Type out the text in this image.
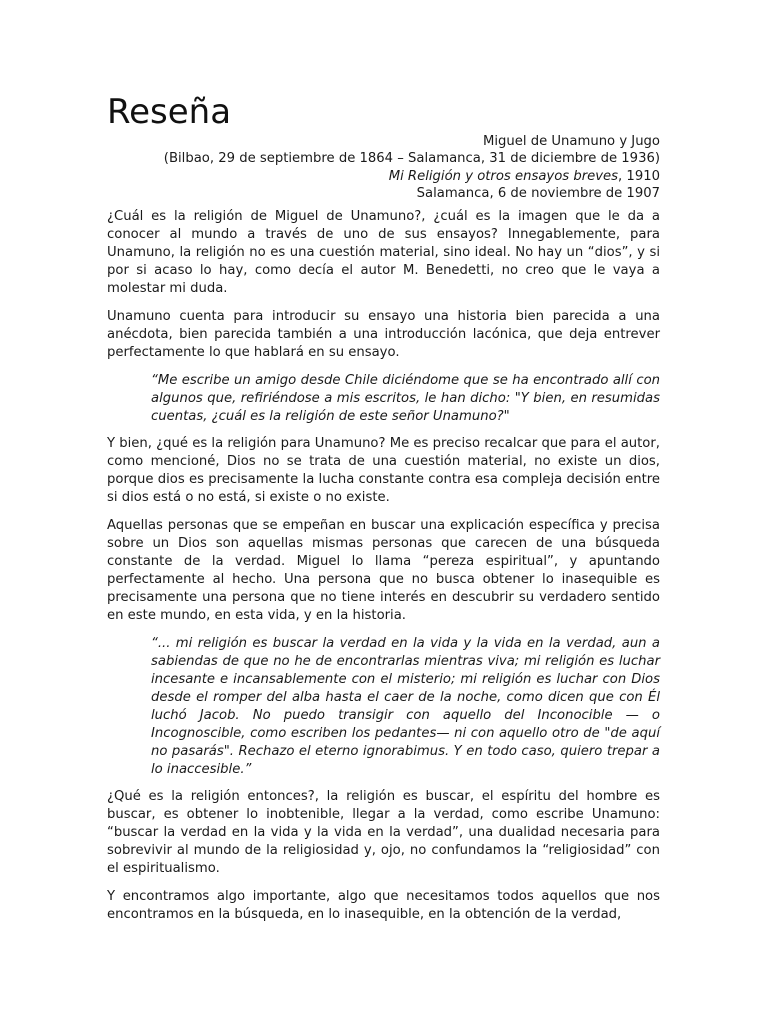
Reseña
Miguel de Unamuno y Jugo
(Bilbao, 29 de septiembre de 1864 – Salamanca, 31 de diciembre de 1936)
Mi Religión y otros ensayos breves, 1910
Salamanca, 6 de noviembre de 1907

¿Cuál es la religión de Miguel de Unamuno?, ¿cuál es la imagen que le da a conocer al mundo a través de uno de sus ensayos? Innegablemente, para Unamuno, la religión no es una cuestión material, sino ideal. No hay un “dios”, y si por si acaso lo hay, como decía el autor M. Benedetti, no creo que le vaya a molestar mi duda.

Unamuno cuenta para introducir su ensayo una historia bien parecida a una anécdota, bien parecida también a una introducción lacónica, que deja entrever perfectamente lo que hablará en su ensayo.

“Me escribe un amigo desde Chile diciéndome que se ha encontrado allí con algunos que, refiriéndose a mis escritos, le han dicho: "Y bien, en resumidas cuentas, ¿cuál es la religión de este señor Unamuno?"

Y bien, ¿qué es la religión para Unamuno? Me es preciso recalcar que para el autor, como mencioné, Dios no se trata de una cuestión material, no existe un dios, porque dios es precisamente la lucha constante contra esa compleja decisión entre si dios está o no está, si existe o no existe.

Aquellas personas que se empeñan en buscar una explicación específica y precisa sobre un Dios son aquellas mismas personas que carecen de una búsqueda constante de la verdad. Miguel lo llama “pereza espiritual”, y apuntando perfectamente al hecho. Una persona que no busca obtener lo inasequible es precisamente una persona que no tiene interés en descubrir su verdadero sentido en este mundo, en esta vida, y en la historia.

“... mi religión es buscar la verdad en la vida y la vida en la verdad, aun a sabiendas de que no he de encontrarlas mientras viva; mi religión es luchar incesante e incansablemente con el misterio; mi religión es luchar con Dios desde el romper del alba hasta el caer de la noche, como dicen que con Él luchó Jacob. No puedo transigir con aquello del Inconocible — o Incognoscible, como escriben los pedantes— ni con aquello otro de "de aquí no pasarás". Rechazo el eterno ignorabimus. Y en todo caso, quiero trepar a lo inaccesible.”

¿Qué es la religión entonces?, la religión es buscar, el espíritu del hombre es buscar, es obtener lo inobtenible, llegar a la verdad, como escribe Unamuno: “buscar la verdad en la vida y la vida en la verdad”, una dualidad necesaria para sobrevivir al mundo de la religiosidad y, ojo, no confundamos la “religiosidad” con el espiritualismo.

Y encontramos algo importante, algo que necesitamos todos aquellos que nos encontramos en la búsqueda, en lo inasequible, en la obtención de la verdad,
